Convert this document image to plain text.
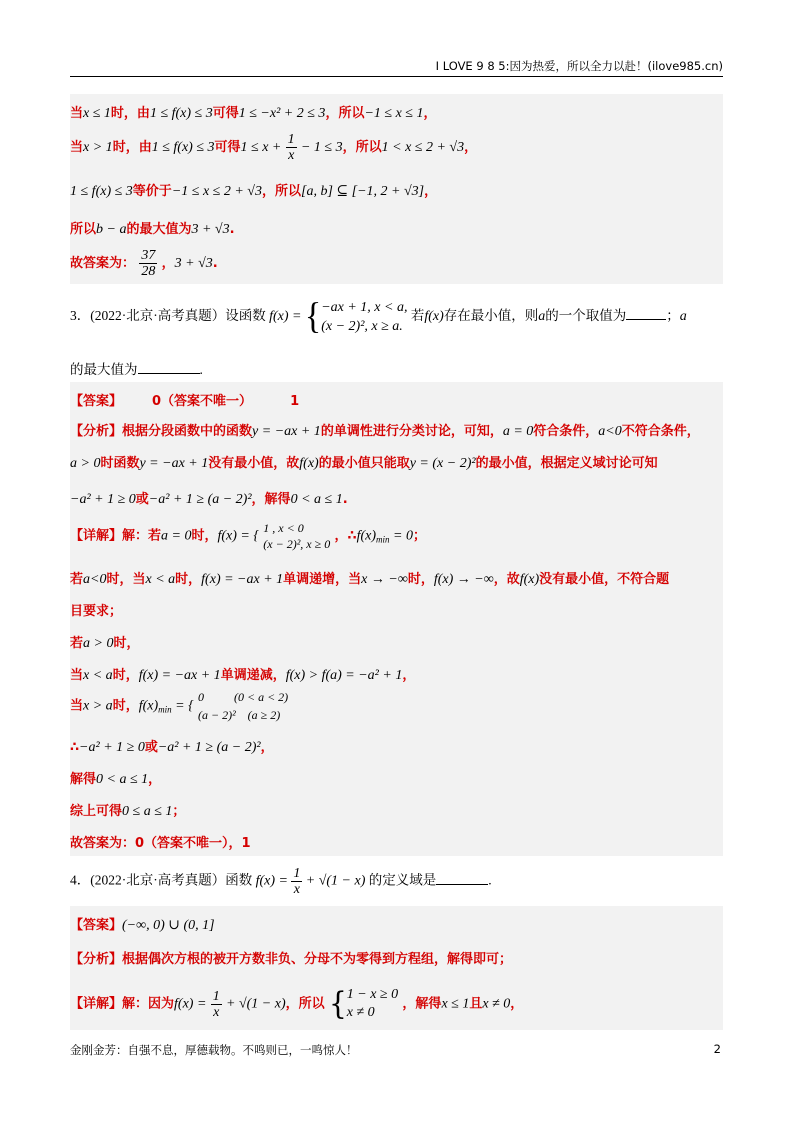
I LOVE 9 8 5:因为热爱，所以全力以赴！(ilove985.cn)
当x ≤ 1时，由1 ≤ f(x) ≤ 3可得1 ≤ −x² + 2 ≤ 3，所以−1 ≤ x ≤ 1，
当x > 1时，由1 ≤ f(x) ≤ 3可得$1 \le x + \frac{1}{x} - 1 \le 3$，所以1 < x ≤ 2 + √3，
1 ≤ f(x) ≤ 3等价于−1 ≤ x ≤ 2 + √3，所以[a, b] ⊆ [−1, 2 + √3]，
所以b − a的最大值为3 + √3.
故答案为： $\frac{37}{28}$ ，3 + √3.
3．(2022·北京·高考真题）设函数 f(x) = { −ax + 1, x < a,
(x − 2)², x ≥ a.
若f(x)存在最小值，则a的一个取值为	；a
的最大值为	.
【答案】 0（答案不唯一）	1
【分析】根据分段函数中的函数y = −ax + 1的单调性进行分类讨论，可知，a = 0符合条件，a<0不符合条件，
a > 0时函数y = −ax + 1没有最小值，故f(x)的最小值只能取y = (x − 2)²的最小值，根据定义域讨论可知
−a² + 1 ≥ 0或−a² + 1 ≥ (a − 2)²，解得0 < a ≤ 1.
【详解】解：若a = 0时，f(x) = {
1 , x < 0
(x − 2)², x ≥ 0
，$\therefore f(x)_{min} = 0$；
若a<0时，当x < a时，f(x) = −ax + 1单调递增，当x → −∞时，f(x) → −∞，故f(x)没有最小值，不符合题
目要求；
若a > 0时，
当x < a时，f(x) = −ax + 1单调递减，f(x) > f(a) = −a² + 1，
当x > a时，$f(x)_{min}$ = {
0          (0 < a < 2)
(a − 2)²    (a ≥ 2)
∴−a² + 1 ≥ 0或−a² + 1 ≥ (a − 2)²，
解得0 < a ≤ 1，
综上可得0 ≤ a ≤ 1；
故答案为：0（答案不唯一），1
4．(2022·北京·高考真题）函数 $f(x) = \frac{1}{x} + √(1 - x)$ 的定义域是	.
【答案】(−∞, 0) ∪ (0, 1]
【分析】根据偶次方根的被开方数非负、分母不为零得到方程组，解得即可；
【详解】解：因为$f(x) = \frac{1}{x} + √(1 - x)$，所以 { 1 − x ≥ 0
x ≠ 0
，解得x ≤ 1且x ≠ 0，
金刚金芳：自强不息，厚德载物。不鸣则已，一鸣惊人！	2
